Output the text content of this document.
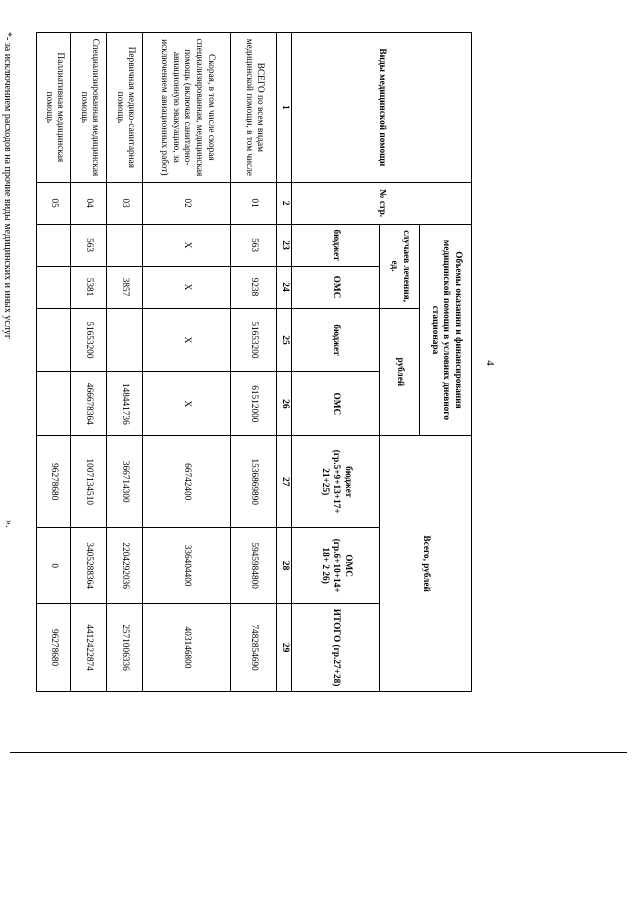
4
Виды медицинской помощи	№ стр.	Объемы оказания и финансирования медицинской помощи в условиях дневного стационара				Всего, рублей		

		случаев лечения, ед.		рублей				
		бюджет	ОМС	бюджет	ОМС	бюджет (гр.5+9+13+17+ 21+25)	ОМС (гр.6+10+14+ 18+ 2 26)	ИТОГО (гр.27+28)
1	2	23	24	25	26	27	28	29
ВСЕГО по всем видам медицинской помощи, в том числе	01	563	9238	51653200	61512000	1536869890	5945984800	7482854690
Скорая, в том числе скорая специализированная, медицинская помощь (включая санитарно-авиационную эвакуацию, за исключением авиационных работ)	02	X	X	X	X	66742400	336404400	403146800
Первичная медико-санитарная помощь	03		3857		148441736	366714300	2204292036	2571006336
Специализированная медицинская помощь	04	563	5381	51653200	466678364	1007134510	3405288364	4412422874
Паллиативная медицинская помощь	05					96278680	0	96278680
*- за исключением расходов на прочие виды медицинских и иных услуг
».
